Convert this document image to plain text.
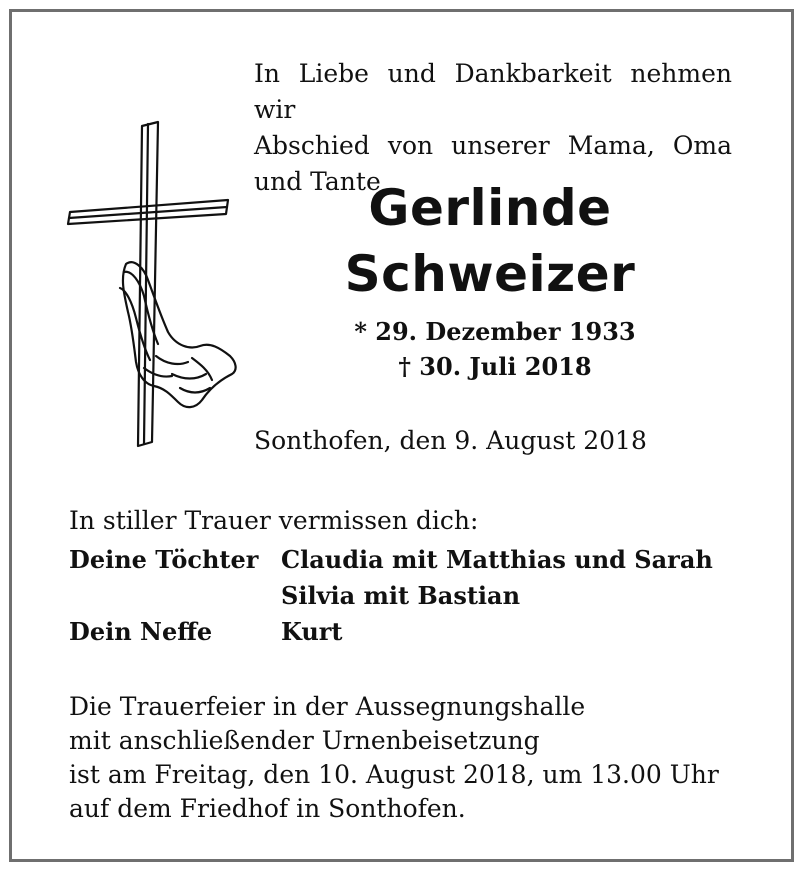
In Liebe und Dankbarkeit nehmen wir
Abschied von unserer Mama, Oma
und Tante
Gerlinde
Schweizer
* 29. Dezember 1933
† 30. Juli 2018
Sonthofen, den 9. August 2018
In stiller Trauer vermissen dich:
Deine Töchter Claudia mit Matthias und Sarah
Silvia mit Bastian
Dein Neffe	Kurt
Die Trauerfeier in der Aussegnungshalle
mit anschließender Urnenbeisetzung
ist am Freitag, den 10. August 2018, um 13.00 Uhr
auf dem Friedhof in Sonthofen.
